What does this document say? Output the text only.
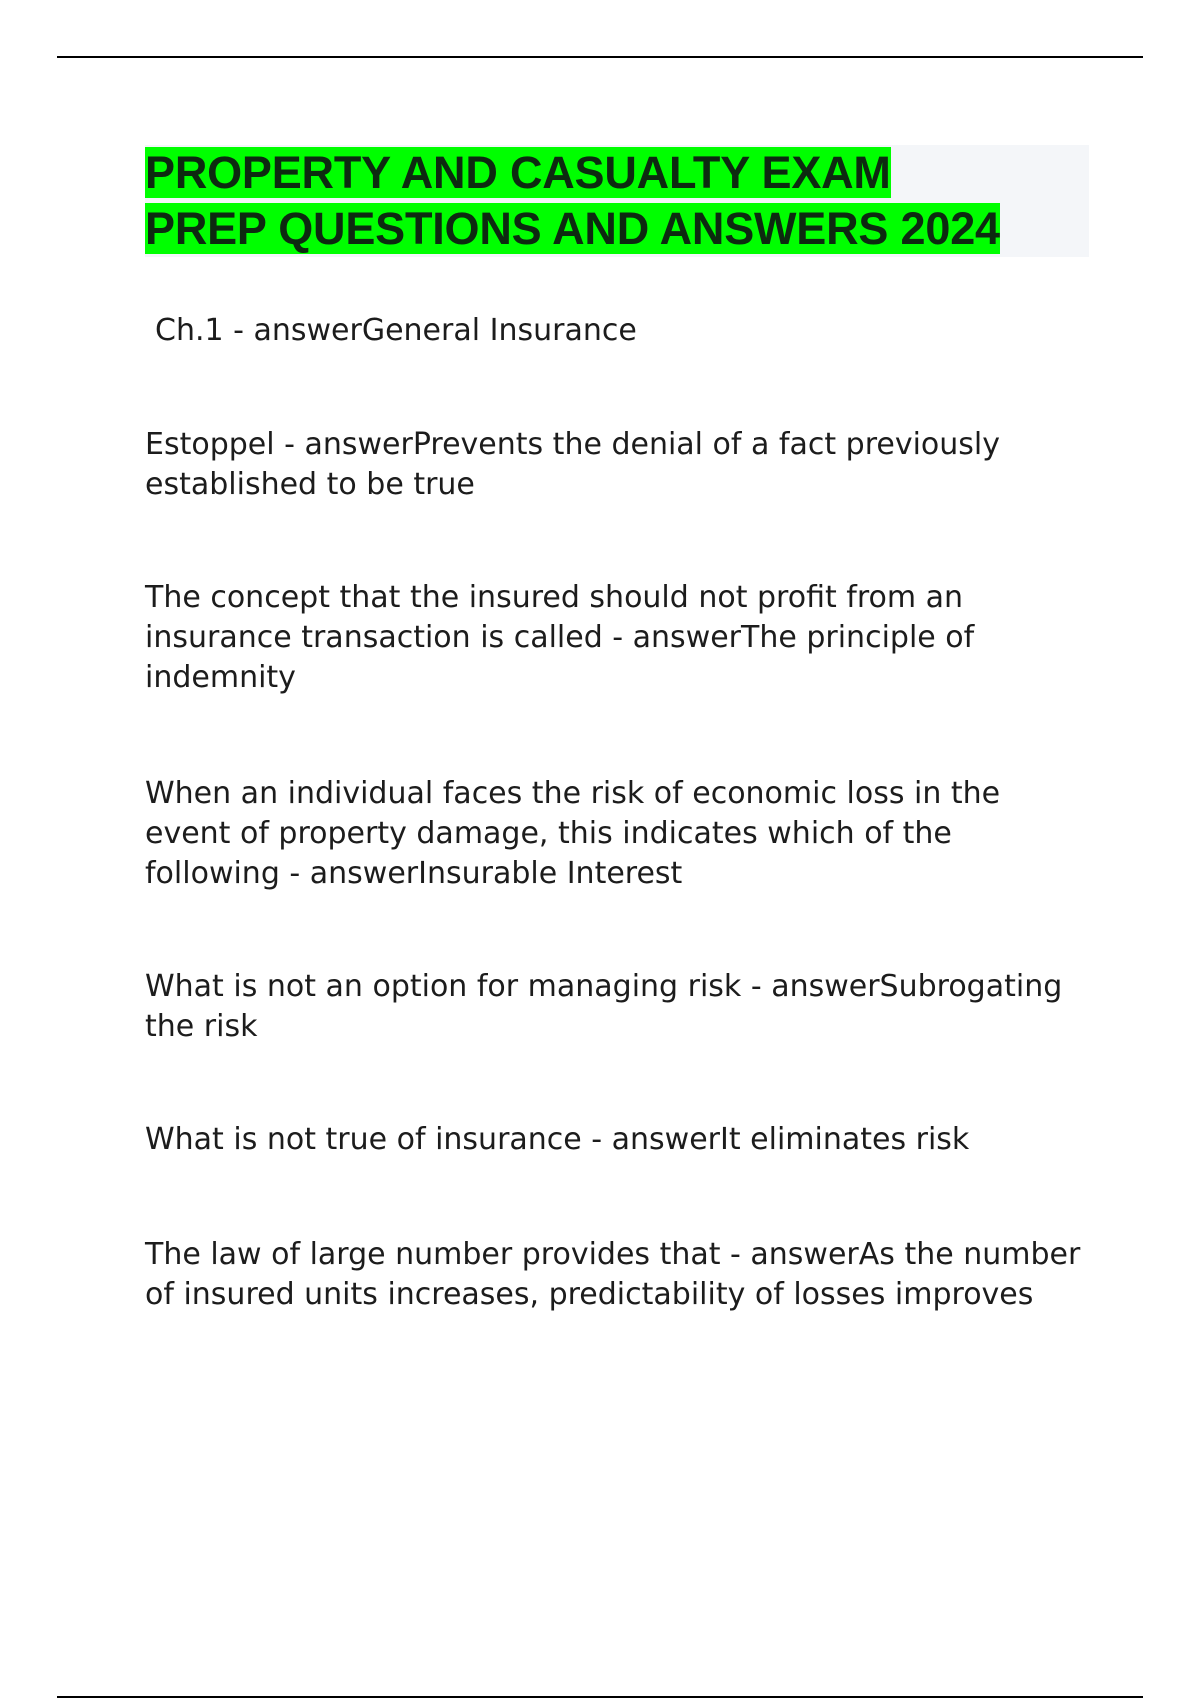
PROPERTY AND CASUALTY EXAM
PREP QUESTIONS AND ANSWERS 2024

Ch.1 - answerGeneral Insurance

Estoppel - answerPrevents the denial of a fact previously established to be true

The concept that the insured should not profit from an insurance transaction is called - answerThe principle of indemnity

When an individual faces the risk of economic loss in the event of property damage, this indicates which of the following - answerInsurable Interest

What is not an option for managing risk - answerSubrogating the risk

What is not true of insurance - answerIt eliminates risk

The law of large number provides that - answerAs the number of insured units increases, predictability of losses improves
